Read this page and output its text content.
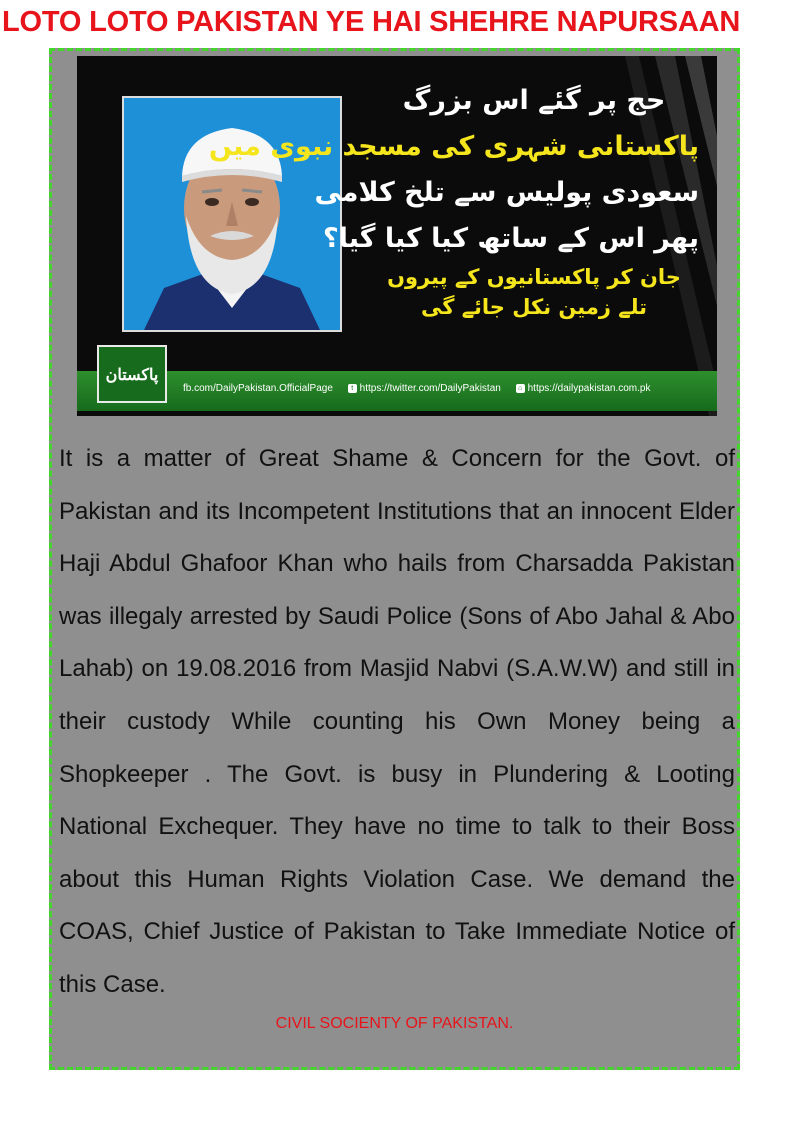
LOTO LOTO PAKISTAN YE HAI SHEHRE NAPURSAAN
حج پر گئے اس بزرگ
پاکستانی شہری کی مسجد نبوی میں
سعودی پولیس سے تلخ کلامی
پھر اس کے ساتھ کیا کیا گیا؟
جان کر پاکستانیوں کے پیروں
تلے زمین نکل جائے گی
پاکستان
fb.com/DailyPakistan.OfficialPage	t https://twitter.com/DailyPakistan ⌂ https://dailypakistan.com.pk

It is a matter of Great Shame & Concern for the Govt. of Pakistan and its Incompetent Institutions that an innocent Elder Haji Abdul Ghafoor Khan who hails from Charsadda Pakistan was illegaly arrested by Saudi Police (Sons of Abo Jahal & Abo Lahab) on 19.08.2016 from Masjid Nabvi (S.A.W.W) and still in their custody While counting his Own Money being a Shopkeeper . The Govt. is busy in Plundering & Looting National Exchequer. They have no time to talk to their Boss about this Human Rights Violation Case. We demand the COAS, Chief Justice of Pakistan to Take Immediate Notice of this Case.

CIVIL SOCIENTY OF PAKISTAN.
